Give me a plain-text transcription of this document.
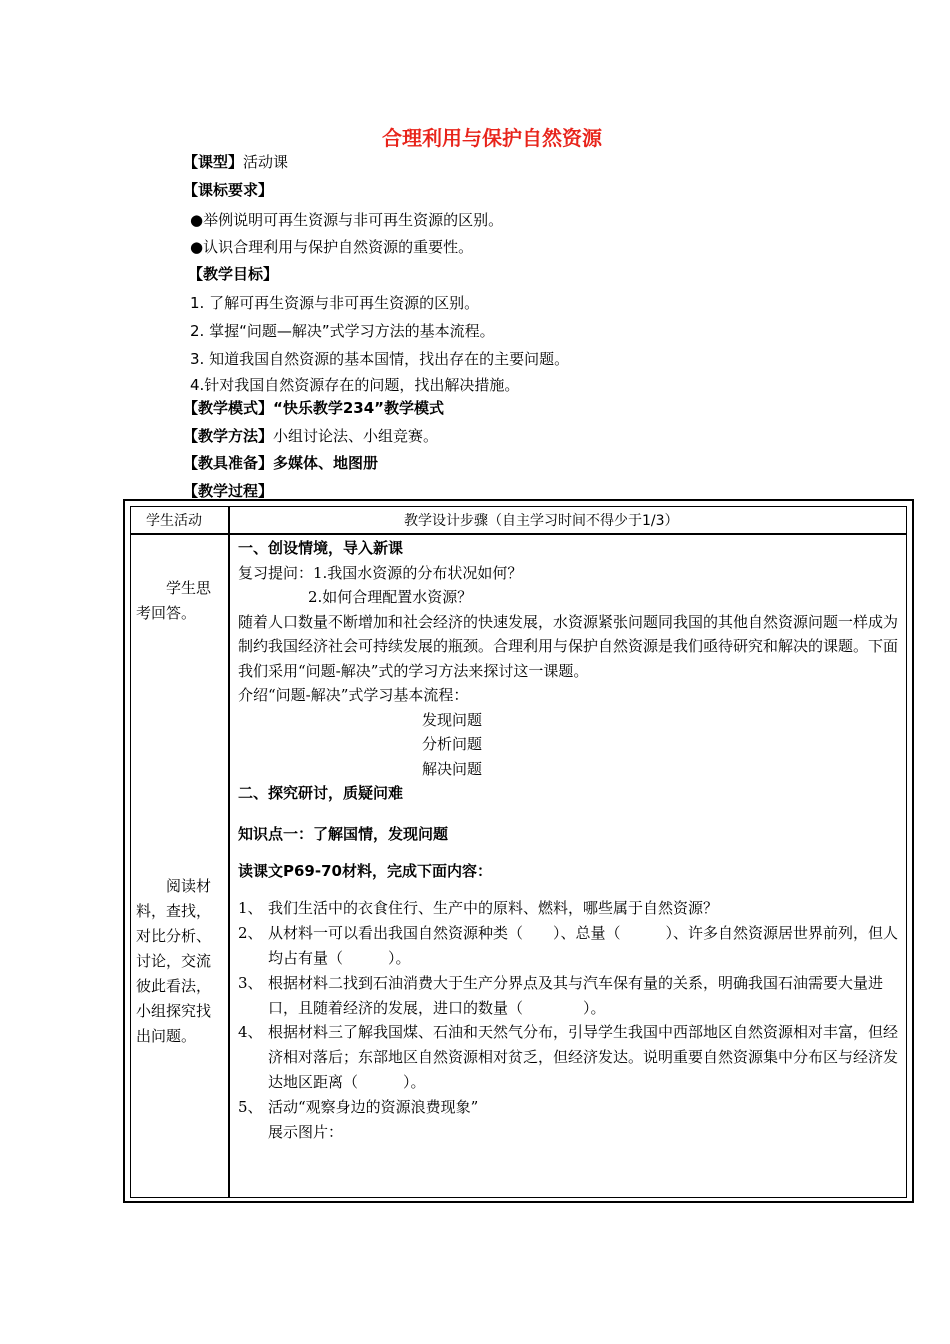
合理利用与保护自然资源
【课型】活动课
【课标要求】
●举例说明可再生资源与非可再生资源的区别。
●认识合理利用与保护自然资源的重要性。
【教学目标】
1. 了解可再生资源与非可再生资源的区别。
2. 掌握“问题—解决”式学习方法的基本流程。
3. 知道我国自然资源的基本国情，找出存在的主要问题。
4.针对我国自然资源存在的问题，找出解决措施。
【教学模式】“快乐教学234”教学模式
【教学方法】小组讨论法、小组竞赛。
【教具准备】多媒体、地图册
【教学过程】
学生活动	教学设计步骤（自主学习时间不得少于1/3）
　　学生思考回答。
　　阅读材料，查找，对比分析、讨论，交流彼此看法，小组探究找出问题。

一、创设情境，导入新课

复习提问：1.我国水资源的分布状况如何？

2.如何合理配置水资源？

随着人口数量不断增加和社会经济的快速发展，水资源紧张问题同我国的其他自然资源问题一样成为制约我国经济社会可持续发展的瓶颈。合理利用与保护自然资源是我们亟待研究和解决的课题。下面我们采用“问题-解决”式的学习方法来探讨这一课题。

介绍“问题-解决”式学习基本流程：

发现问题

分析问题

解决问题

二、探究研讨，质疑问难

知识点一：了解国情，发现问题
读课文P69-70材料，完成下面内容：
1、 我们生活中的衣食住行、生产中的原料、燃料，哪些属于自然资源？
2、 从材料一可以看出我国自然资源种类（　　）、总量（　　　）、许多自然资源居世界前列，但人均占有量（　　　）。
3、 根据材料二找到石油消费大于生产分界点及其与汽车保有量的关系，明确我国石油需要大量进口，且随着经济的发展，进口的数量（　　　　）。
4、 根据材料三了解我国煤、石油和天然气分布，引导学生我国中西部地区自然资源相对丰富，但经济相对落后；东部地区自然资源相对贫乏，但经济发达。说明重要自然资源集中分布区与经济发达地区距离（　　　）。
5、 活动“观察身边的资源浪费现象”
展示图片：
